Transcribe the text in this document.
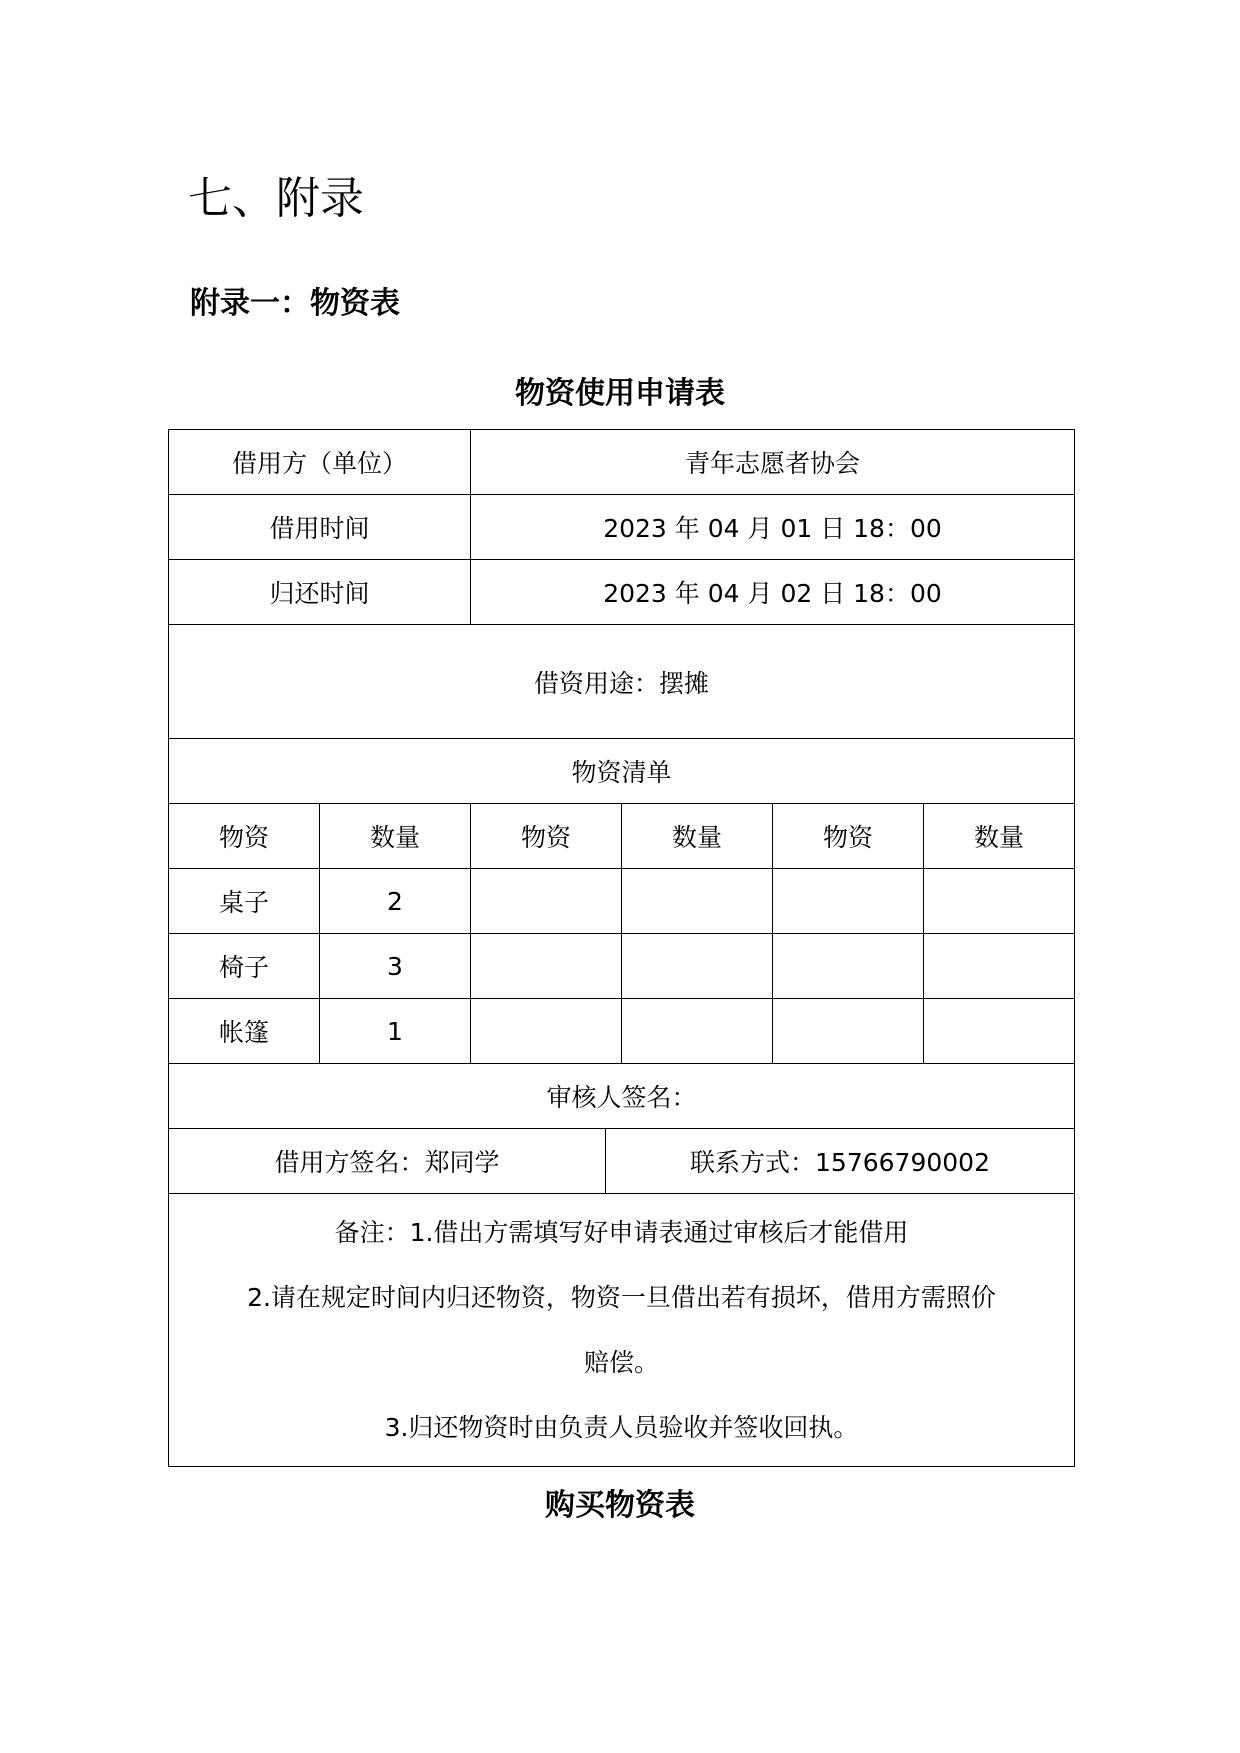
七、附录
附录一：物资表
物资使用申请表
借用方（单位）		青年志愿者协会			
借用时间		2023 年 04 月 01 日 18：00			
归还时间		2023 年 04 月 02 日 18：00			
借资用途：摆摊					
物资清单					
物资	数量	物资	数量	物资	数量
桌子	2				
椅子	3				
帐篷	1				
审核人签名：					

借用方签名：郑同学 联系方式：15766790002					

备注：1.借出方需填写好申请表通过审核后才能借用
2.请在规定时间内归还物资，物资一旦借出若有损坏，借用方需照价
赔偿。
3.归还物资时由负责人员验收并签收回执。					
购买物资表
